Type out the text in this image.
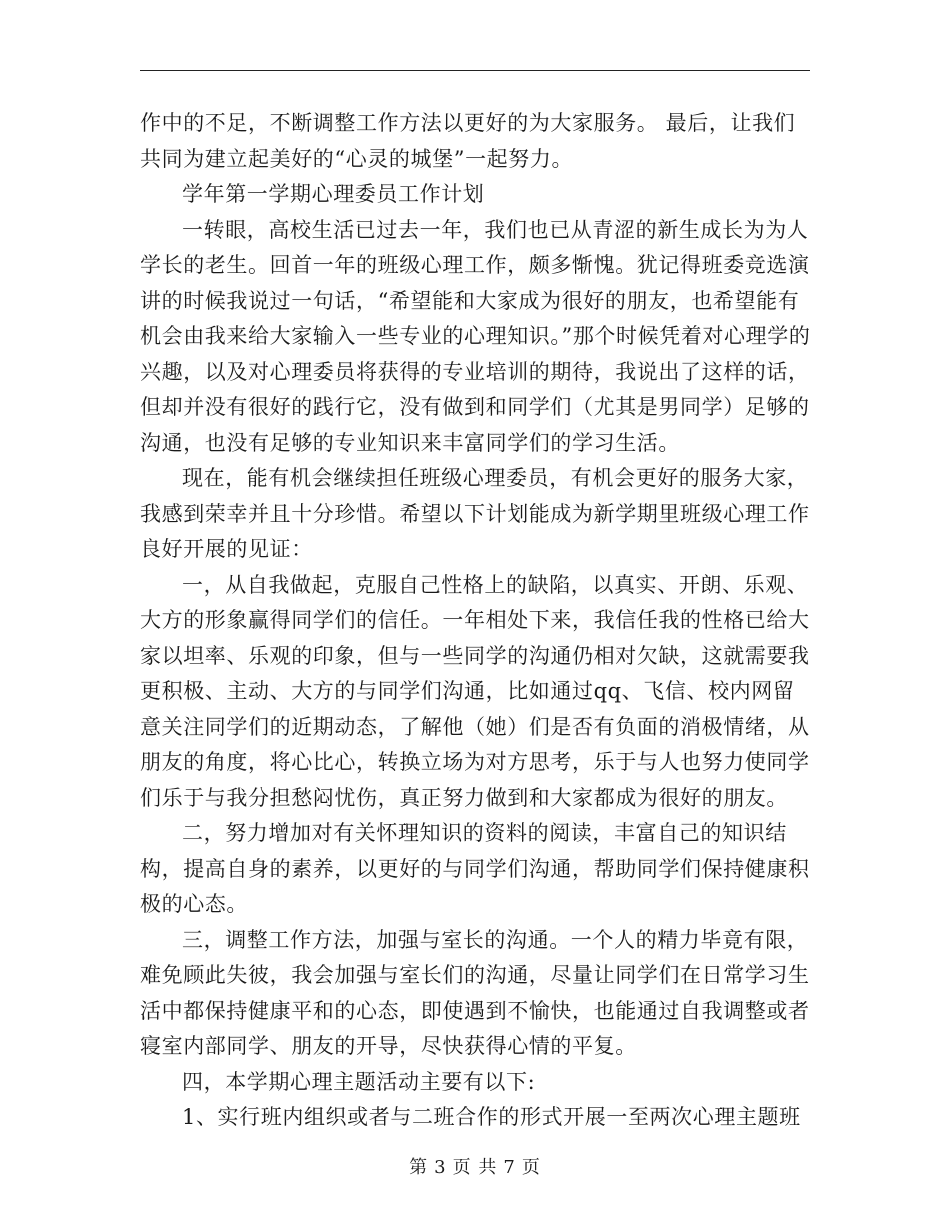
作中的不足，不断调整工作方法以更好的为大家服务。 最后，让我们共同为建立起美好的“心灵的城堡”一起努力。

学年第一学期心理委员工作计划

一转眼，高校生活已过去一年，我们也已从青涩的新生成长为为人学长的老生。回首一年的班级心理工作，颇多惭愧。犹记得班委竞选演讲的时候我说过一句话，“希望能和大家成为很好的朋友，也希望能有机会由我来给大家输入一些专业的心理知识。”那个时候凭着对心理学的兴趣，以及对心理委员将获得的专业培训的期待，我说出了这样的话，但却并没有很好的践行它，没有做到和同学们（尤其是男同学）足够的沟通，也没有足够的专业知识来丰富同学们的学习生活。

现在，能有机会继续担任班级心理委员，有机会更好的服务大家，我感到荣幸并且十分珍惜。希望以下计划能成为新学期里班级心理工作良好开展的见证：

一，从自我做起，克服自己性格上的缺陷，以真实、开朗、乐观、大方的形象赢得同学们的信任。一年相处下来，我信任我的性格已给大家以坦率、乐观的印象，但与一些同学的沟通仍相对欠缺，这就需要我更积极、主动、大方的与同学们沟通，比如通过qq、飞信、校内网留意关注同学们的近期动态，了解他（她）们是否有负面的消极情绪，从朋友的角度，将心比心，转换立场为对方思考，乐于与人也努力使同学们乐于与我分担愁闷忧伤，真正努力做到和大家都成为很好的朋友。

二，努力增加对有关怀理知识的资料的阅读，丰富自己的知识结构，提高自身的素养，以更好的与同学们沟通，帮助同学们保持健康积极的心态。

三，调整工作方法，加强与室长的沟通。一个人的精力毕竟有限，难免顾此失彼，我会加强与室长们的沟通，尽量让同学们在日常学习生活中都保持健康平和的心态，即使遇到不愉快，也能通过自我调整或者寝室内部同学、朋友的开导，尽快获得心情的平复。

四，本学期心理主题活动主要有以下:

1、实行班内组织或者与二班合作的形式开展一至两次心理主题班

第 3 页 共 7 页
